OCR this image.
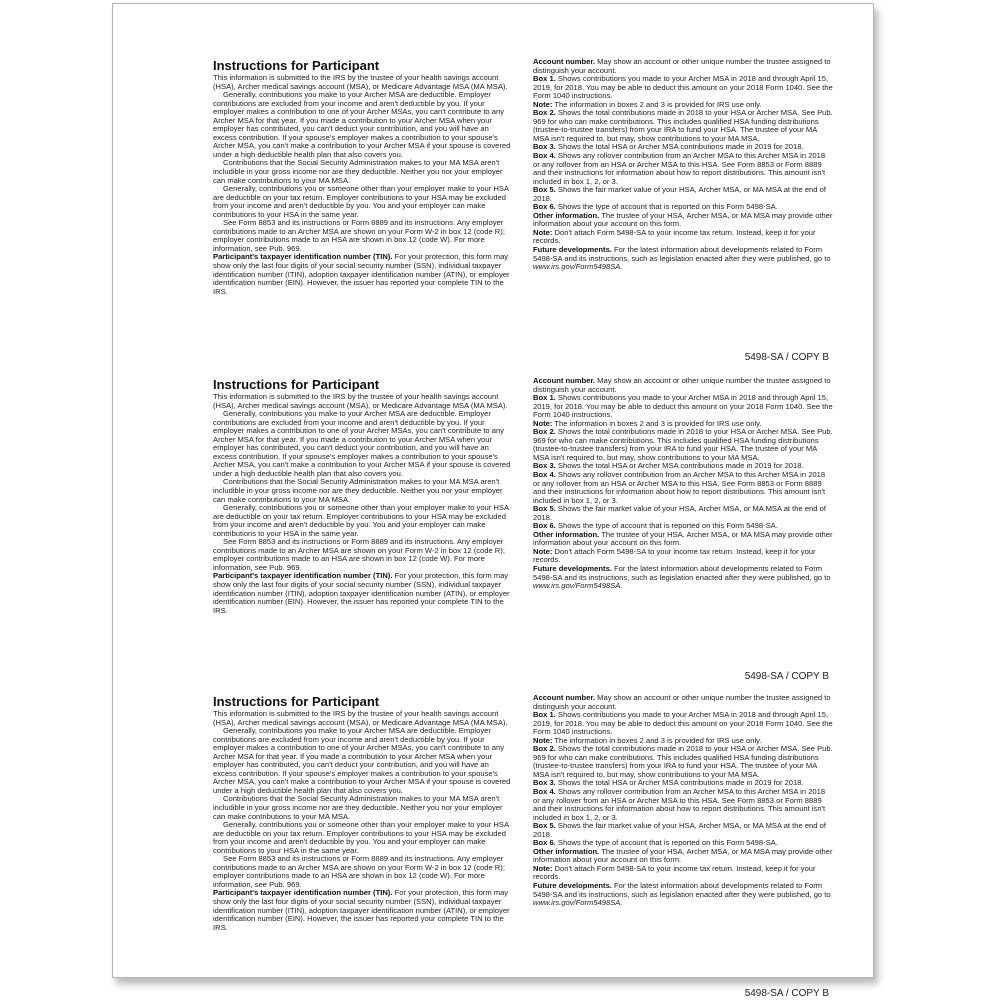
Instructions for Participant

This information is submitted to the IRS by the trustee of your health savings account (HSA), Archer medical savings account (MSA), or Medicare Advantage MSA (MA MSA).

Generally, contributions you make to your Archer MSA are deductible. Employer contributions are excluded from your income and aren't deductible by you. If your employer makes a contribution to one of your Archer MSAs, you can't contribute to any Archer MSA for that year. If you made a contribution to your Archer MSA when your employer has contributed, you can't deduct your contribution, and you will have an excess contribution. If your spouse's employer makes a contribution to your spouse's Archer MSA, you can't make a contribution to your Archer MSA if your spouse is covered under a high deductible health plan that also covers you.

Contributions that the Social Security Administration makes to your MA MSA aren't includible in your gross income nor are they deductible. Neither you nor your employer can make contributions to your MA MSA.

Generally, contributions you or someone other than your employer make to your HSA are deductible on your tax return. Employer contributions to your HSA may be excluded from your income and aren't deductible by you. You and your employer can make contributions to your HSA in the same year.

See Form 8853 and its instructions or Form 8889 and its instructions. Any employer contributions made to an Archer MSA are shown on your Form W-2 in box 12 (code R); employer contributions made to an HSA are shown in box 12 (code W). For more information, see Pub. 969.

Participant's taxpayer identification number (TIN). For your protection, this form may show only the last four digits of your social security number (SSN), individual taxpayer identification number (ITIN), adoption taxpayer identification number (ATIN), or employer identification number (EIN). However, the issuer has reported your complete TIN to the IRS.

Account number. May show an account or other unique number the trustee assigned to distinguish your account.

Box 1. Shows contributions you made to your Archer MSA in 2018 and through April 15, 2019, for 2018. You may be able to deduct this amount on your 2018 Form 1040. See the Form 1040 instructions.

Note: The information in boxes 2 and 3 is provided for IRS use only.

Box 2. Shows the total contributions made in 2018 to your HSA or Archer MSA. See Pub. 969 for who can make contributions. This includes qualified HSA funding distributions (trustee-to-trustee transfers) from your IRA to fund your HSA. The trustee of your MA MSA isn't required to, but may, show contributions to your MA MSA.

Box 3. Shows the total HSA or Archer MSA contributions made in 2019 for 2018.

Box 4. Shows any rollover contribution from an Archer MSA to this Archer MSA in 2018 or any rollover from an HSA or Archer MSA to this HSA. See Form 8853 or Form 8889 and their instructions for information about how to report distributions. This amount isn't included in box 1, 2, or 3.

Box 5. Shows the fair market value of your HSA, Archer MSA, or MA MSA at the end of 2018.

Box 6. Shows the type of account that is reported on this Form 5498-SA.

Other information. The trustee of your HSA, Archer MSA, or MA MSA may provide other information about your account on this form.

Note: Don't attach Form 5498-SA to your income tax return. Instead, keep it for your records.

Future developments. For the latest information about developments related to Form 5498-SA and its instructions, such as legislation enacted after they were published, go to www.irs.gov/Form5498SA.

5498-SA / COPY B
Instructions for Participant

This information is submitted to the IRS by the trustee of your health savings account (HSA), Archer medical savings account (MSA), or Medicare Advantage MSA (MA MSA).

Generally, contributions you make to your Archer MSA are deductible. Employer contributions are excluded from your income and aren't deductible by you. If your employer makes a contribution to one of your Archer MSAs, you can't contribute to any Archer MSA for that year. If you made a contribution to your Archer MSA when your employer has contributed, you can't deduct your contribution, and you will have an excess contribution. If your spouse's employer makes a contribution to your spouse's Archer MSA, you can't make a contribution to your Archer MSA if your spouse is covered under a high deductible health plan that also covers you.

Contributions that the Social Security Administration makes to your MA MSA aren't includible in your gross income nor are they deductible. Neither you nor your employer can make contributions to your MA MSA.

Generally, contributions you or someone other than your employer make to your HSA are deductible on your tax return. Employer contributions to your HSA may be excluded from your income and aren't deductible by you. You and your employer can make contributions to your HSA in the same year.

See Form 8853 and its instructions or Form 8889 and its instructions. Any employer contributions made to an Archer MSA are shown on your Form W-2 in box 12 (code R); employer contributions made to an HSA are shown in box 12 (code W). For more information, see Pub. 969.

Participant's taxpayer identification number (TIN). For your protection, this form may show only the last four digits of your social security number (SSN), individual taxpayer identification number (ITIN), adoption taxpayer identification number (ATIN), or employer identification number (EIN). However, the issuer has reported your complete TIN to the IRS.

Account number. May show an account or other unique number the trustee assigned to distinguish your account.

Box 1. Shows contributions you made to your Archer MSA in 2018 and through April 15, 2019, for 2018. You may be able to deduct this amount on your 2018 Form 1040. See the Form 1040 instructions.

Note: The information in boxes 2 and 3 is provided for IRS use only.

Box 2. Shows the total contributions made in 2018 to your HSA or Archer MSA. See Pub. 969 for who can make contributions. This includes qualified HSA funding distributions (trustee-to-trustee transfers) from your IRA to fund your HSA. The trustee of your MA MSA isn't required to, but may, show contributions to your MA MSA.

Box 3. Shows the total HSA or Archer MSA contributions made in 2019 for 2018.

Box 4. Shows any rollover contribution from an Archer MSA to this Archer MSA in 2018 or any rollover from an HSA or Archer MSA to this HSA. See Form 8853 or Form 8889 and their instructions for information about how to report distributions. This amount isn't included in box 1, 2, or 3.

Box 5. Shows the fair market value of your HSA, Archer MSA, or MA MSA at the end of 2018.

Box 6. Shows the type of account that is reported on this Form 5498-SA.

Other information. The trustee of your HSA, Archer MSA, or MA MSA may provide other information about your account on this form.

Note: Don't attach Form 5498-SA to your income tax return. Instead, keep it for your records.

Future developments. For the latest information about developments related to Form 5498-SA and its instructions, such as legislation enacted after they were published, go to www.irs.gov/Form5498SA.

5498-SA / COPY B
Instructions for Participant

This information is submitted to the IRS by the trustee of your health savings account (HSA), Archer medical savings account (MSA), or Medicare Advantage MSA (MA MSA).

Generally, contributions you make to your Archer MSA are deductible. Employer contributions are excluded from your income and aren't deductible by you. If your employer makes a contribution to one of your Archer MSAs, you can't contribute to any Archer MSA for that year. If you made a contribution to your Archer MSA when your employer has contributed, you can't deduct your contribution, and you will have an excess contribution. If your spouse's employer makes a contribution to your spouse's Archer MSA, you can't make a contribution to your Archer MSA if your spouse is covered under a high deductible health plan that also covers you.

Contributions that the Social Security Administration makes to your MA MSA aren't includible in your gross income nor are they deductible. Neither you nor your employer can make contributions to your MA MSA.

Generally, contributions you or someone other than your employer make to your HSA are deductible on your tax return. Employer contributions to your HSA may be excluded from your income and aren't deductible by you. You and your employer can make contributions to your HSA in the same year.

See Form 8853 and its instructions or Form 8889 and its instructions. Any employer contributions made to an Archer MSA are shown on your Form W-2 in box 12 (code R); employer contributions made to an HSA are shown in box 12 (code W). For more information, see Pub. 969.

Participant's taxpayer identification number (TIN). For your protection, this form may show only the last four digits of your social security number (SSN), individual taxpayer identification number (ITIN), adoption taxpayer identification number (ATIN), or employer identification number (EIN). However, the issuer has reported your complete TIN to the IRS.

Account number. May show an account or other unique number the trustee assigned to distinguish your account.

Box 1. Shows contributions you made to your Archer MSA in 2018 and through April 15, 2019, for 2018. You may be able to deduct this amount on your 2018 Form 1040. See the Form 1040 instructions.

Note: The information in boxes 2 and 3 is provided for IRS use only.

Box 2. Shows the total contributions made in 2018 to your HSA or Archer MSA. See Pub. 969 for who can make contributions. This includes qualified HSA funding distributions (trustee-to-trustee transfers) from your IRA to fund your HSA. The trustee of your MA MSA isn't required to, but may, show contributions to your MA MSA.

Box 3. Shows the total HSA or Archer MSA contributions made in 2019 for 2018.

Box 4. Shows any rollover contribution from an Archer MSA to this Archer MSA in 2018 or any rollover from an HSA or Archer MSA to this HSA. See Form 8853 or Form 8889 and their instructions for information about how to report distributions. This amount isn't included in box 1, 2, or 3.

Box 5. Shows the fair market value of your HSA, Archer MSA, or MA MSA at the end of 2018.

Box 6. Shows the type of account that is reported on this Form 5498-SA.

Other information. The trustee of your HSA, Archer MSA, or MA MSA may provide other information about your account on this form.

Note: Don't attach Form 5498-SA to your income tax return. Instead, keep it for your records.

Future developments. For the latest information about developments related to Form 5498-SA and its instructions, such as legislation enacted after they were published, go to www.irs.gov/Form5498SA.

5498-SA / COPY B
